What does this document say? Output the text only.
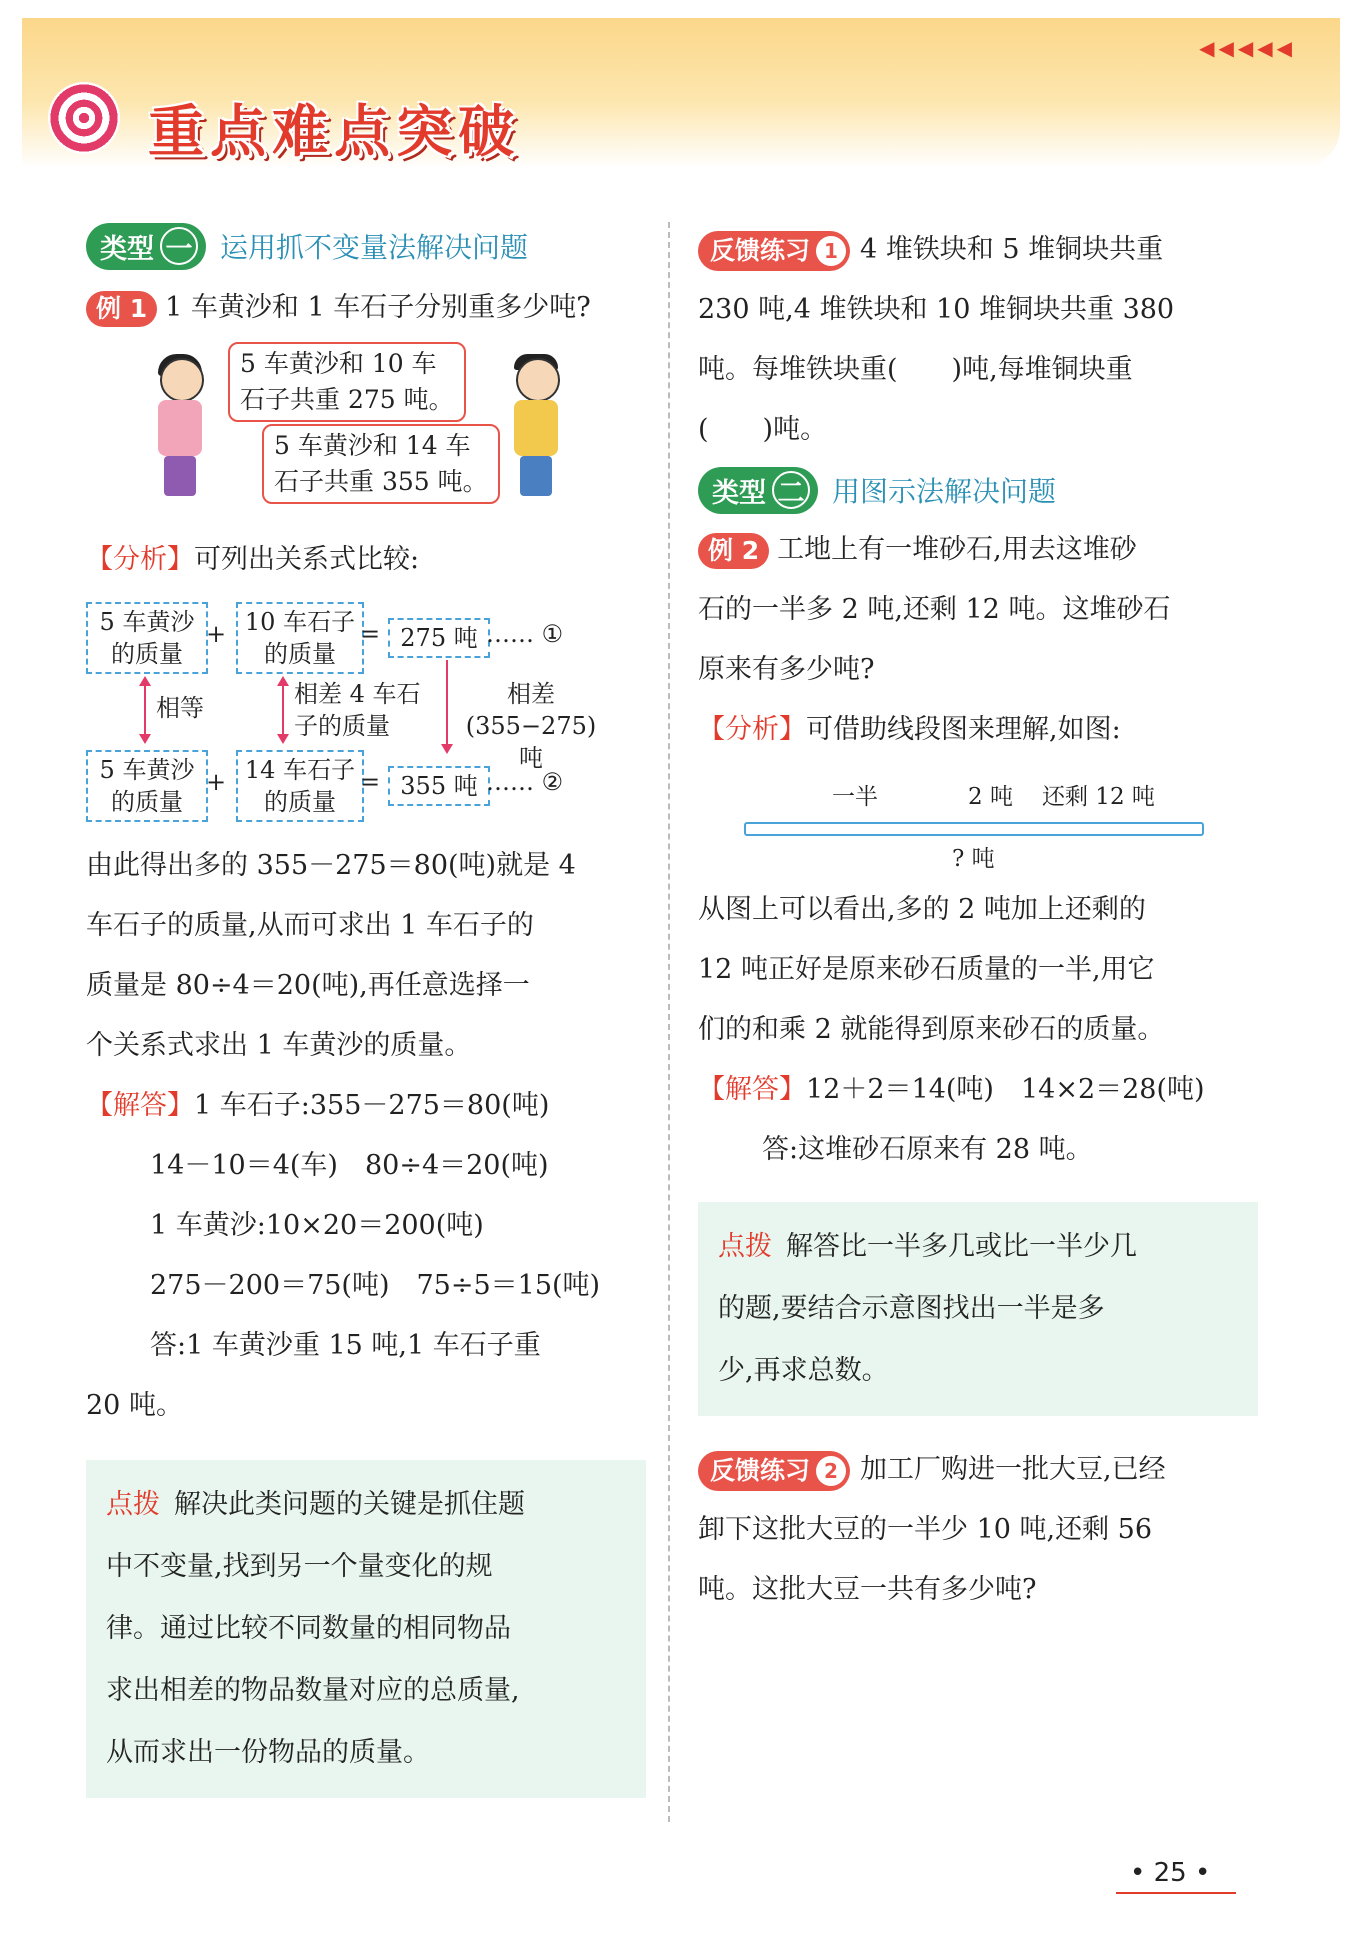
◀◀◀◀◀
重点难点突破
类型 一 运用抓不变量法解决问题
例 1 1 车黄沙和 1 车石子分别重多少吨?
5 车黄沙和 10 车
石子共重 275 吨。
5 车黄沙和 14 车
石子共重 355 吨。
【分析】可列出关系式比较:
5 车黄沙
的质量
+ 10 车石子
的质量
= 275 吨 …… ①
相等	相差 4 车石
子的质量
相差
(355−275)吨
5 车黄沙
的质量
+ 14 车石子
的质量
= 355 吨 …… ②
由此得出多的 355－275＝80(吨)就是 4
车石子的质量,从而可求出 1 车石子的
质量是 80÷4＝20(吨),再任意选择一
个关系式求出 1 车黄沙的质量。
【解答】1 车石子:355－275＝80(吨)
14－10＝4(车)　80÷4＝20(吨)
1 车黄沙:10×20＝200(吨)
275－200＝75(吨)　75÷5＝15(吨)
答:1 车黄沙重 15 吨,1 车石子重
20 吨。
点拨 解决此类问题的关键是抓住题
中不变量,找到另一个量变化的规
律。通过比较不同数量的相同物品
求出相差的物品数量对应的总质量,
从而求出一份物品的质量。
反馈练习 1 4 堆铁块和 5 堆铜块共重
230 吨,4 堆铁块和 10 堆铜块共重 380
吨。每堆铁块重(　　)吨,每堆铜块重
(　　)吨。
类型 二 用图示法解决问题
例 2 工地上有一堆砂石,用去这堆砂
石的一半多 2 吨,还剩 12 吨。这堆砂石
原来有多少吨?
【分析】可借助线段图来理解,如图:
一半	2 吨 还剩 12 吨
? 吨
从图上可以看出,多的 2 吨加上还剩的
12 吨正好是原来砂石质量的一半,用它
们的和乘 2 就能得到原来砂石的质量。
【解答】12＋2＝14(吨)　14×2＝28(吨)
答:这堆砂石原来有 28 吨。
点拨 解答比一半多几或比一半少几
的题,要结合示意图找出一半是多
少,再求总数。
反馈练习 2 加工厂购进一批大豆,已经
卸下这批大豆的一半少 10 吨,还剩 56
吨。这批大豆一共有多少吨?
• 25 •
